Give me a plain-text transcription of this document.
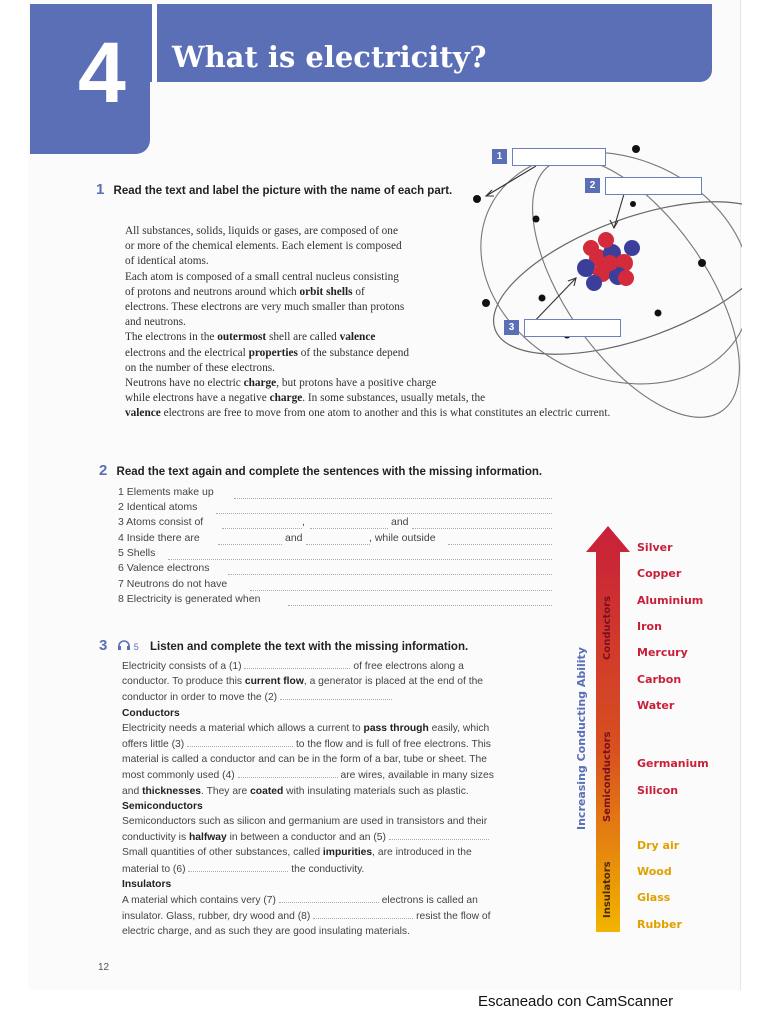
4 What is electricity?
1 Read the text and label the picture with the name of each part.
All substances, solids, liquids or gases, are composed of one
or more of the chemical elements. Each element is composed
of identical atoms.
Each atom is composed of a small central nucleus consisting
of protons and neutrons around which orbit shells of
electrons. These electrons are very much smaller than protons
and neutrons.
The electrons in the outermost shell are called valence
electrons and the electrical properties of the substance depend
on the number of these electrons.
Neutrons have no electric charge, but protons have a positive charge
while electrons have a negative charge. In some substances, usually metals, the
valence electrons are free to move from one atom to another and this is what constitutes an electric current.
1
2
3
2 Read the text again and complete the sentences with the missing information.
1 Elements make up
2 Identical atoms
3 Atoms consist of	,	and
4 Inside there are	and	, while outside
5 Shells
6 Valence electrons
7 Neutrons do not have
8 Electricity is generated when
3	5 Listen and complete the text with the missing information.
Electricity consists of a (1)	of free electrons along a
conductor. To produce this current flow, a generator is placed at the end of the
conductor in order to move the (2)
Conductors
Electricity needs a material which allows a current to pass through easily, which
offers little (3)	to the flow and is full of free electrons. This
material is called a conductor and can be in the form of a bar, tube or sheet. The
most commonly used (4)	are wires, available in many sizes
and thicknesses. They are coated with insulating materials such as plastic.
Semiconductors
Semiconductors such as silicon and germanium are used in transistors and their
conductivity is halfway in between a conductor and an (5)
Small quantities of other substances, called impurities, are introduced in the
material to (6)	the conductivity.
Insulators
A material which contains very (7)	electrons is called an
insulator. Glass, rubber, dry wood and (8)	resist the flow of
electric charge, and as such they are good insulating materials.
Increasing Conducting Ability
Conductors
Semiconductors
Insulators
Silver
Copper
Aluminium
Iron
Mercury
Carbon
Water
Germanium
Silicon
Dry air
Wood
Glass
Rubber
12
Escaneado con CamScanner
